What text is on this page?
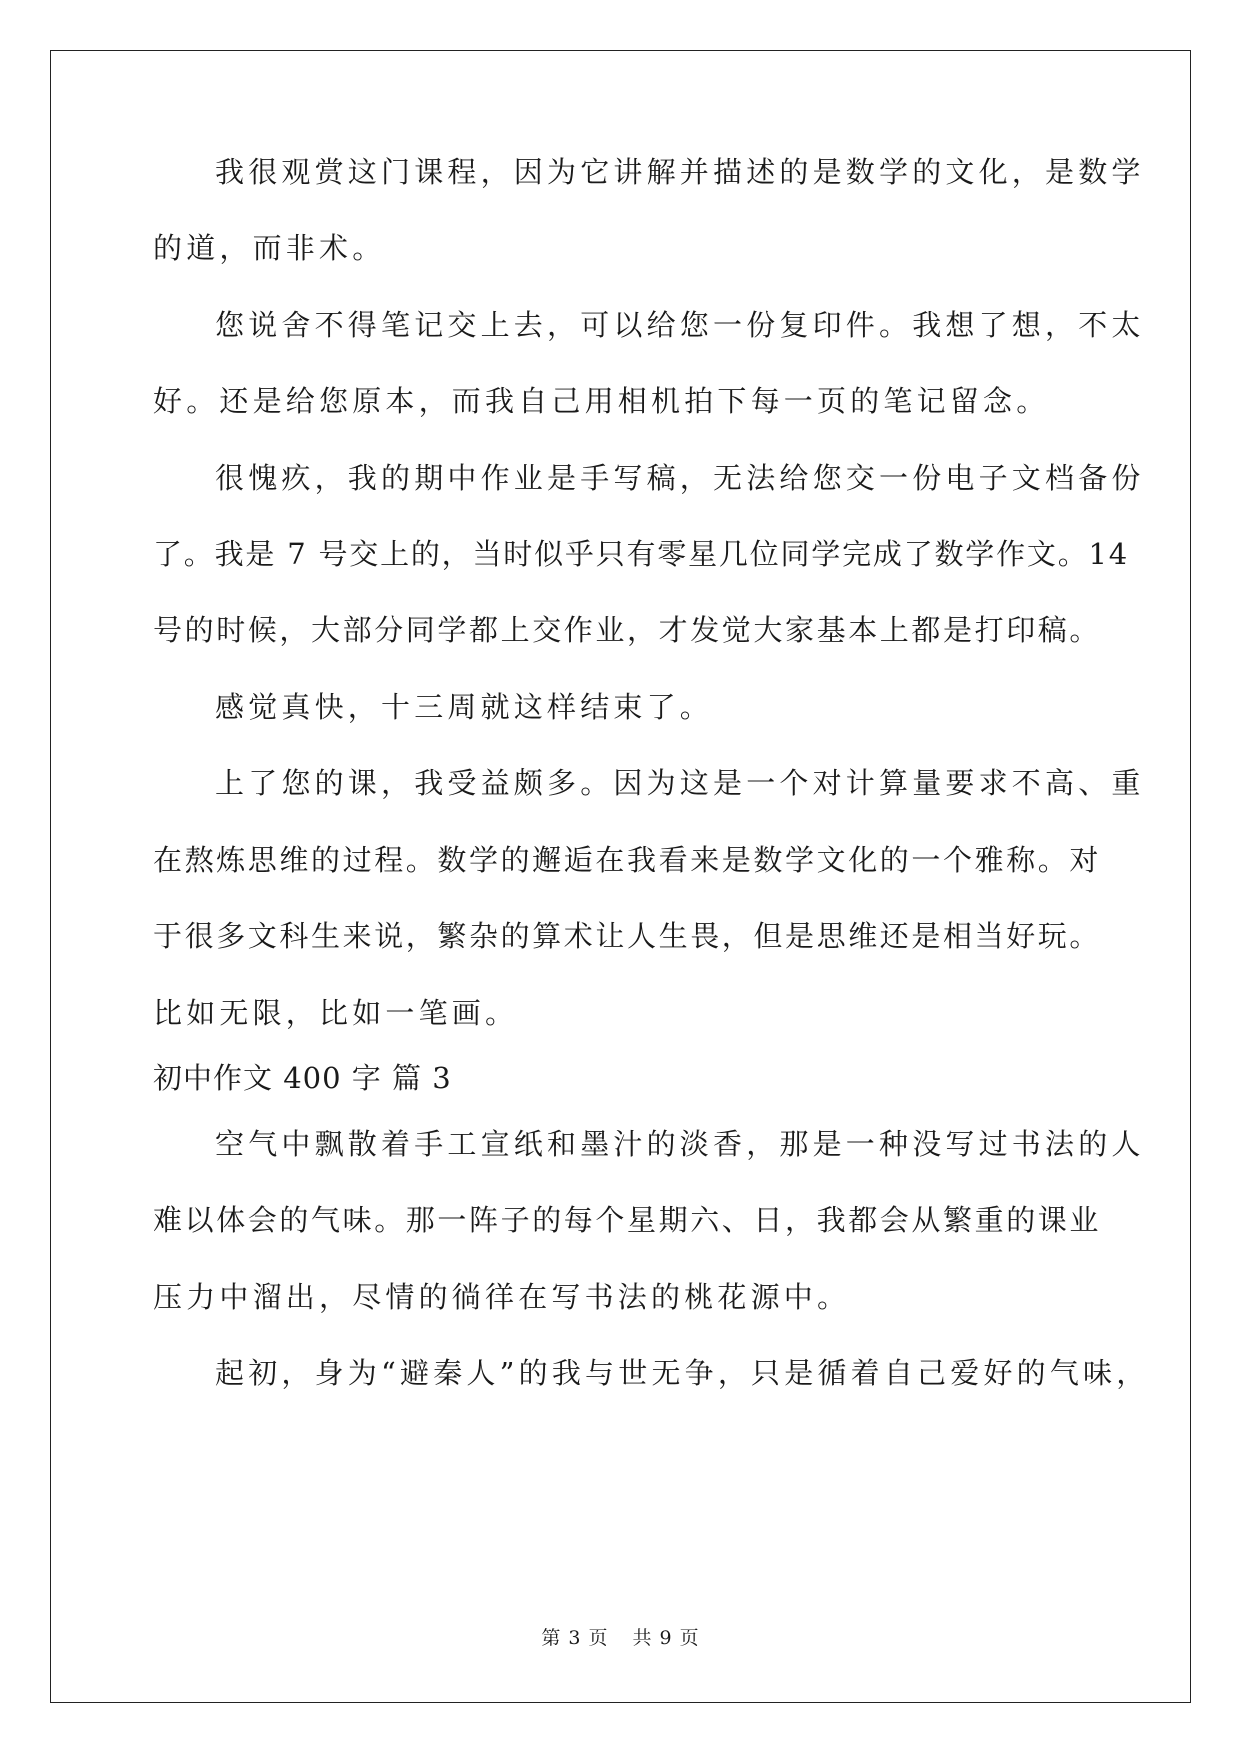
我很观赏这门课程，因为它讲解并描述的是数学的文化，是数学
的道，而非术。
您说舍不得笔记交上去，可以给您一份复印件。我想了想，不太
好。还是给您原本，而我自己用相机拍下每一页的笔记留念。
很愧疚，我的期中作业是手写稿，无法给您交一份电子文档备份
了。我是 7 号交上的，当时似乎只有零星几位同学完成了数学作文。14
号的时候，大部分同学都上交作业，才发觉大家基本上都是打印稿。
感觉真快，十三周就这样结束了。
上了您的课，我受益颇多。因为这是一个对计算量要求不高、重
在熬炼思维的过程。数学的邂逅在我看来是数学文化的一个雅称。对
于很多文科生来说，繁杂的算术让人生畏，但是思维还是相当好玩。
比如无限，比如一笔画。
初中作文 400 字 篇 3
空气中飘散着手工宣纸和墨汁的淡香，那是一种没写过书法的人
难以体会的气味。那一阵子的每个星期六、日，我都会从繁重的课业
压力中溜出，尽情的徜徉在写书法的桃花源中。
起初，身为“避秦人”的我与世无争，只是循着自己爱好的气味，
第 3 页 共 9 页
